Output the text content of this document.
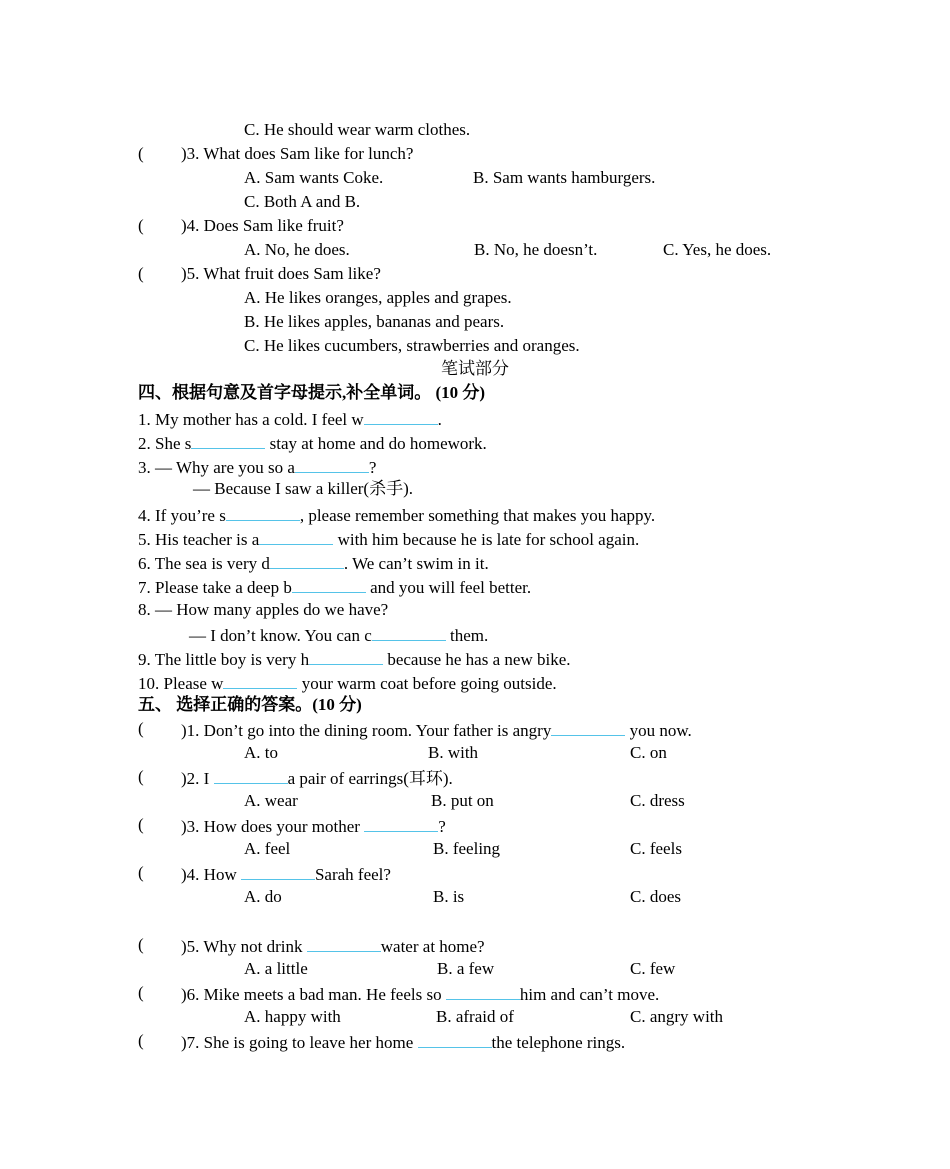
C. He should wear warm clothes.
( )3. What does Sam like for lunch?
A. Sam wants Coke.	B. Sam wants hamburgers.
C. Both A and B.
( )4. Does Sam like fruit?
A. No, he does.	B. No, he doesn’t.	C. Yes, he does.
( )5. What fruit does Sam like?
A. He likes oranges, apples and grapes.
B. He likes apples, bananas and pears.
C. He likes cucumbers, strawberries and oranges.
笔试部分
四、根据句意及首字母提示,补全单词。 (10 分)
1. My mother has a cold. I feel w	.
2. She s	stay at home and do homework.
3. — Why are you so a	?
— Because I saw a killer(杀手).
4. If you’re s	, please remember something that makes you happy.
5. His teacher is a	with him because he is late for school again.
6. The sea is very d	. We can’t swim in it.
7. Please take a deep b	and you will feel better.
8. — How many apples do we have?
— I don’t know. You can c	them.
9. The little boy is very h	because he has a new bike.
10. Please w	your warm coat before going outside.
五、 选择正确的答案。(10 分)
( )1. Don’t go into the dining room. Your father is angry	you now.
A. to	B. with	C. on
( )2. I	a pair of earrings(耳环).
A. wear	B. put on	C. dress
( )3. How does your mother	?
A. feel	B. feeling	C. feels
( )4. How	Sarah feel?
A. do	B. is	C. does
( )5. Why not drink	water at home?
A. a little	B. a few	C. few
( )6. Mike meets a bad man. He feels so	him and can’t move.
A. happy with	B. afraid of	C. angry with
( )7. She is going to leave her home	the telephone rings.
